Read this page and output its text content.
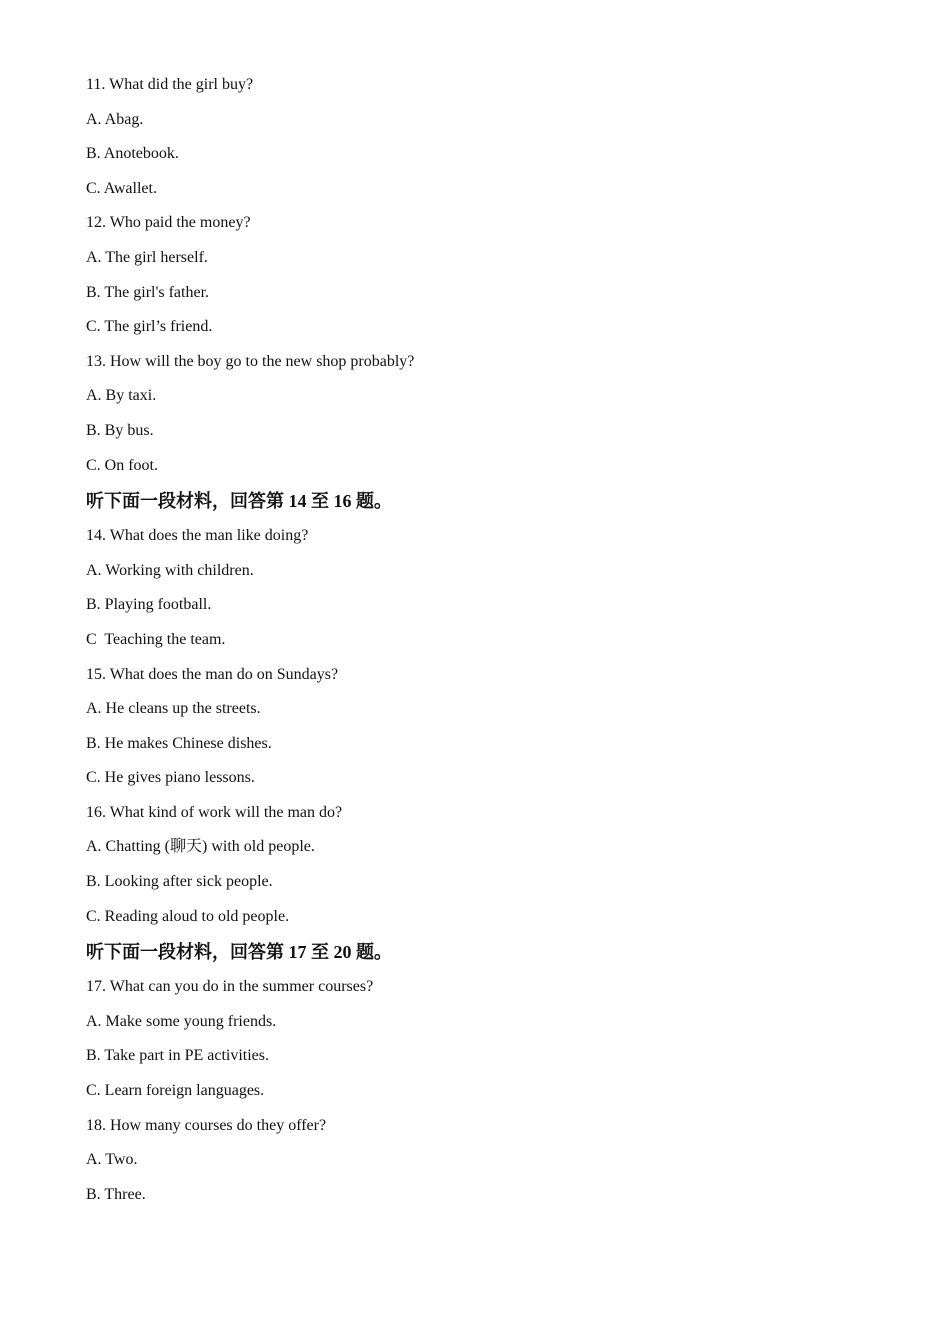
11. What did the girl buy?
A. Abag.
B. Anotebook.
C. Awallet.
12. Who paid the money?
A. The girl herself.
B. The girl's father.
C. The girl’s friend.
13. How will the boy go to the new shop probably?
A. By taxi.
B. By bus.
C. On foot.
听下面一段材料，回答第 14 至 16 题。
14. What does the man like doing?
A. Working with children.
B. Playing football.
C  Teaching the team.
15. What does the man do on Sundays?
A. He cleans up the streets.
B. He makes Chinese dishes.
C. He gives piano lessons.
16. What kind of work will the man do?
A. Chatting (聊天) with old people.
B. Looking after sick people.
C. Reading aloud to old people.
听下面一段材料，回答第 17 至 20 题。
17. What can you do in the summer courses?
A. Make some young friends.
B. Take part in PE activities.
C. Learn foreign languages.
18. How many courses do they offer?
A. Two.
B. Three.
